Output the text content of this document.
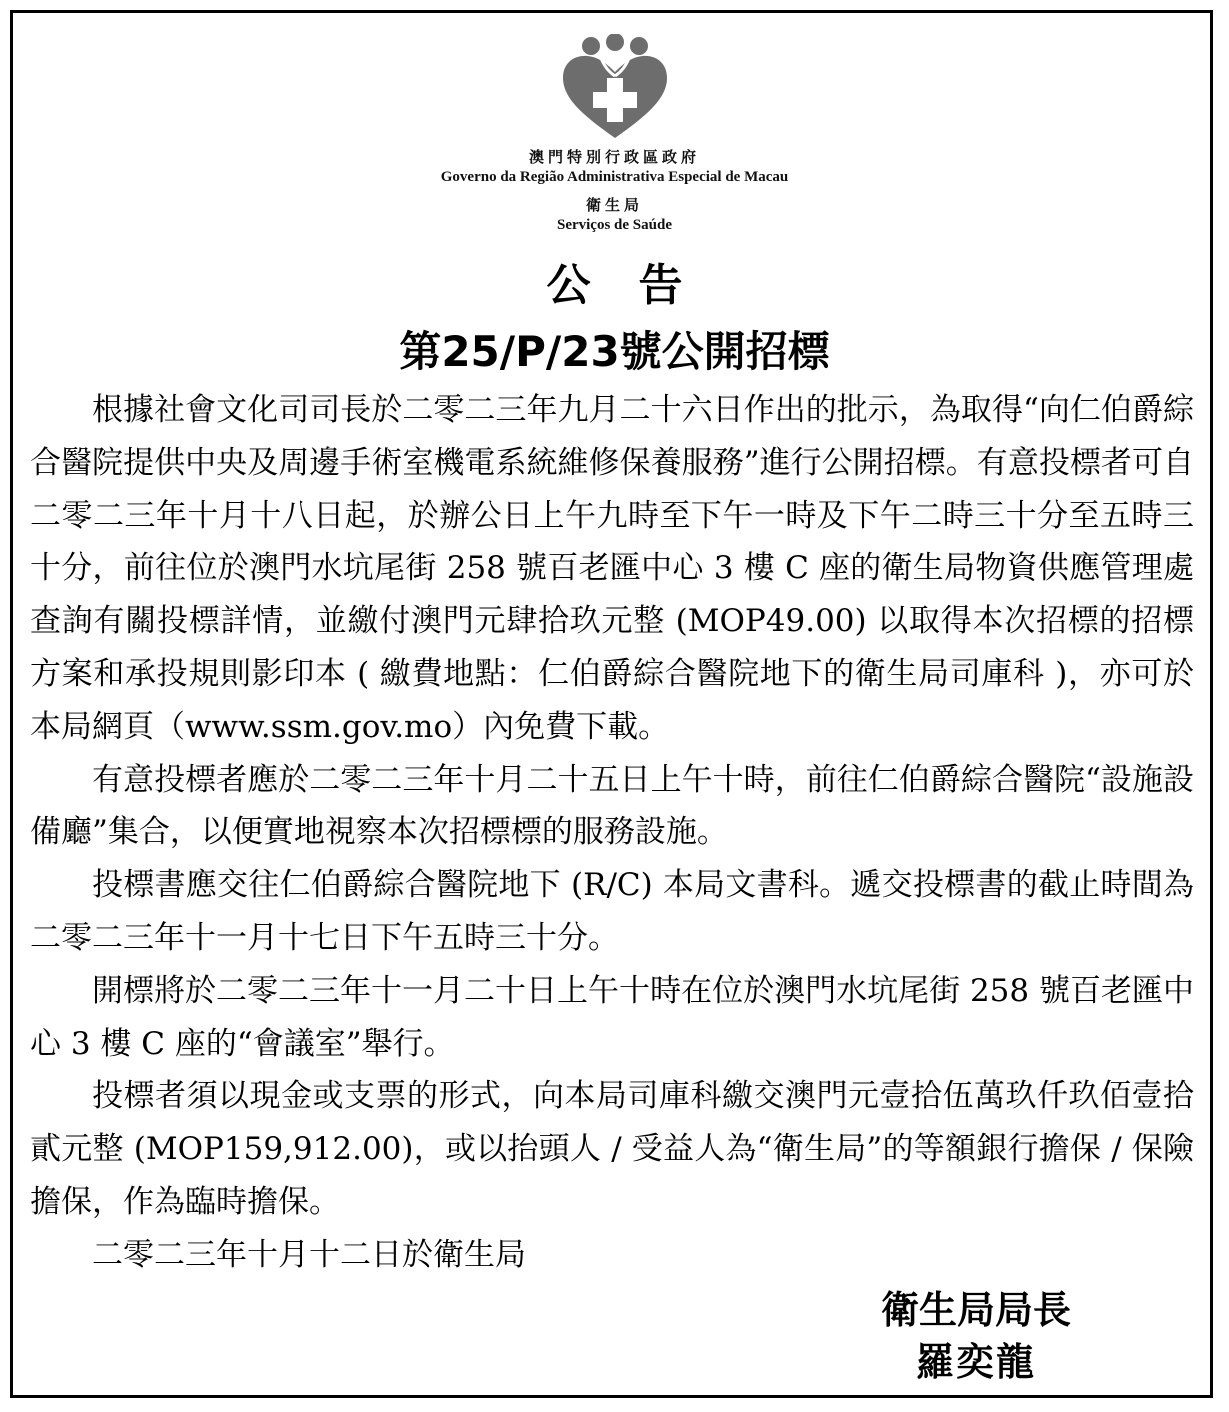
澳門特別行政區政府
Governo da Região Administrativa Especial de Macau
衛生局
Serviços de Saúde
公告
第25/P/23號公開招標

根據社會文化司司長於二零二三年九月二十六日作出的批示，為取得“向仁伯爵綜合醫院提供中央及周邊手術室機電系統維修保養服務”進行公開招標。有意投標者可自二零二三年十月十八日起，於辦公日上午九時至下午一時及下午二時三十分至五時三十分，前往位於澳門水坑尾街 258 號百老匯中心 3 樓 C 座的衛生局物資供應管理處查詢有關投標詳情，並繳付澳門元肆拾玖元整 (MOP49.00) 以取得本次招標的招標方案和承投規則影印本 ( 繳費地點：仁伯爵綜合醫院地下的衛生局司庫科 )，亦可於本局網頁（www.ssm.gov.mo）內免費下載。

有意投標者應於二零二三年十月二十五日上午十時，前往仁伯爵綜合醫院“設施設備廳”集合，以便實地視察本次招標標的服務設施。

投標書應交往仁伯爵綜合醫院地下 (R/C) 本局文書科。遞交投標書的截止時間為二零二三年十一月十七日下午五時三十分。

開標將於二零二三年十一月二十日上午十時在位於澳門水坑尾街 258 號百老匯中心 3 樓 C 座的“會議室”舉行。

投標者須以現金或支票的形式，向本局司庫科繳交澳門元壹拾伍萬玖仟玖佰壹拾貳元整 (MOP159,912.00)，或以抬頭人 / 受益人為“衛生局”的等額銀行擔保 / 保險擔保，作為臨時擔保。

二零二三年十月十二日於衛生局

衛生局局長
羅奕龍
